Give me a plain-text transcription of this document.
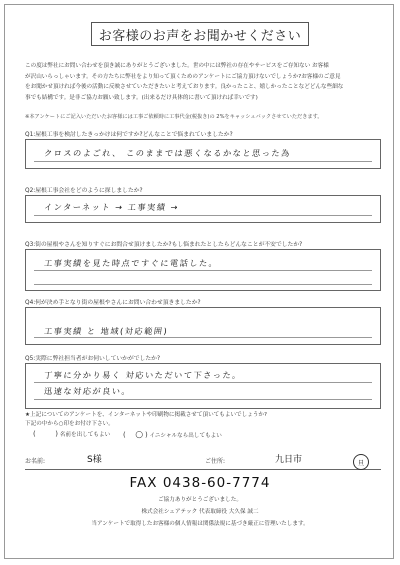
お客様のお声をお聞かせください

この度は弊社にお問い合わせを頂き誠にありがとうございました。世の中には弊社の存在やサービスをご存知ない お客様

が沢山いらっしゃいます。その方たちに弊社をより知って頂くためのアンケートにご協力頂けないでしょうか?お客様のご意見

をお聞かせ頂ければ今後の活動に反映させていただきたいと考えております。良かったこと、嬉しかったことなどどんな些細な

事でも結構です。是非ご協力お願い致します。(出来るだけ具体的に書いて頂ければ幸いです)

※本アンケートにご記入いただいたお客様には工事ご依頼時に工事代金(税抜き)の 2%をキャッシュバックさせていただきます。
Q1:屋根工事を検討したきっかけは何ですか?どんなことで悩まれていましたか?
クロスのよごれ、 このままでは悪くなるかなと思った為
Q2:屋根工事会社をどのように探しましたか?
インターネット → 工事実績 →
Q3:街の屋根やさんを知りすぐにお問合せ頂けましたか?もし悩まれたとしたらどんなことが不安でしたか?
工事実績を見た時点ですぐに電話した。
Q4:何が決め手となり街の屋根やさんにお問い合わせ頂きましたか?
工事実績 と 地域(対応範囲)
Q5:実際に弊社担当者がお伺いしていかがでしたか?
丁寧に分かり易く 対応いただいて下さった。
迅速な対応が良い。
★上記についてのアンケートを、インターネットや印刷物に掲載させて頂いてもよいでしょうか?
下記の中から○印をお付け下さい。
(	) 名前を出してもよい ( ○ ) イニシャルなら出してもよい
お名前:	S様	ご住所:	九日市	旦
FAX 0438-60-7774
ご協力ありがとうございました。
株式会社シェアテック 代表取締役 大久保 誠二
当アンケートで取得したお客様の個人情報は関係法規に基づき厳正に管理いたします。
